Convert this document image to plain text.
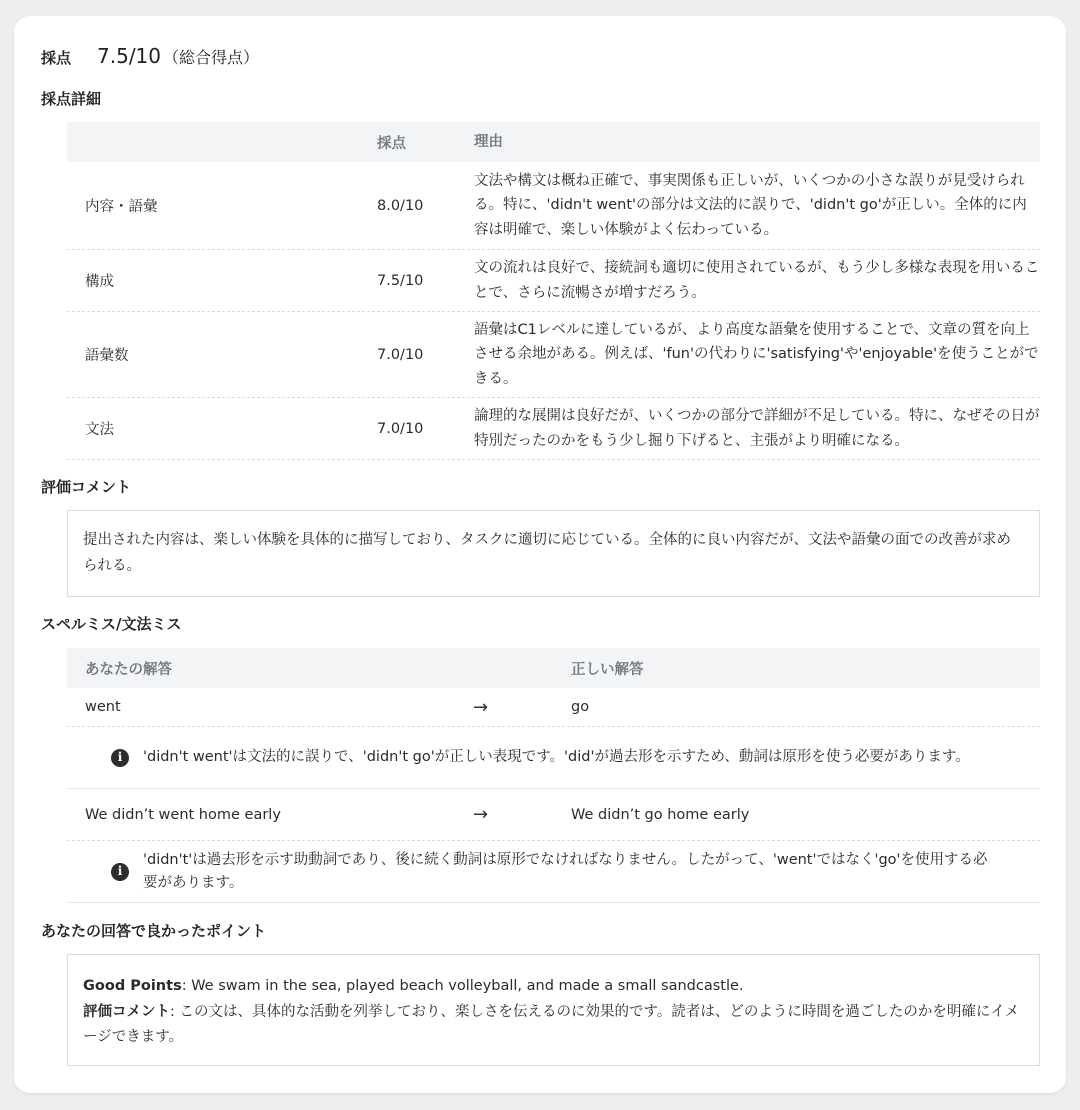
採点 7.5/10 （総合得点）
採点詳細
採点	理由
内容・語彙	8.0/10
文法や構文は概ね正確で、事実関係も正しいが、いくつかの小さな誤りが見受けられる。特に、'didn't went'の部分は文法的に誤りで、'didn't go'が正しい。全体的に内容は明確で、楽しい体験がよく伝わっている。
構成	7.5/10
文の流れは良好で、接続詞も適切に使用されているが、もう少し多様な表現を用いることで、さらに流暢さが増すだろう。
語彙数	7.0/10
語彙はC1レベルに達しているが、より高度な語彙を使用することで、文章の質を向上させる余地がある。例えば、'fun'の代わりに'satisfying'や'enjoyable'を使うことができる。
文法	7.0/10
論理的な展開は良好だが、いくつかの部分で詳細が不足している。特に、なぜその日が特別だったのかをもう少し掘り下げると、主張がより明確になる。
評価コメント
提出された内容は、楽しい体験を具体的に描写しており、タスクに適切に応じている。全体的に良い内容だが、文法や語彙の面での改善が求められる。
スペルミス/文法ミス
あなたの解答	正しい解答
went	→	go
i	'didn't went'は文法的に誤りで、'didn't go'が正しい表現です。'did'が過去形を示すため、動詞は原形を使う必要があります。
We didn’t went home early	→	We didn’t go home early
i
'didn't'は過去形を示す助動詞であり、後に続く動詞は原形でなければなりません。したがって、'went'ではなく'go'を使用する必要があります。
あなたの回答で良かったポイント
Good Points: We swam in the sea, played beach volleyball, and made a small sandcastle.
評価コメント: この文は、具体的な活動を列挙しており、楽しさを伝えるのに効果的です。読者は、どのように時間を過ごしたのかを明確にイメージできます。
